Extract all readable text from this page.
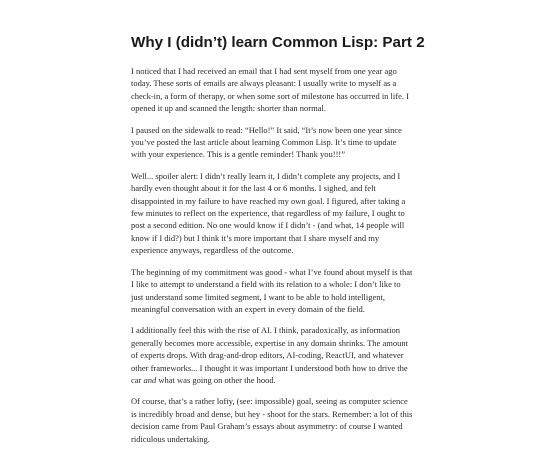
Why I (didn’t) learn Common Lisp: Part 2

I noticed that I had received an email that I had sent myself from one year ago today. These sorts of emails are always pleasant: I usually write to myself as a check-in, a form of therapy, or when some sort of milestone has occurred in life. I opened it up and scanned the length: shorter than normal.

I paused on the sidewalk to read: “Hello!” It said, “It’s now been one year since you’ve posted the last article about learning Common Lisp. It’s time to update with your experience. This is a gentle reminder! Thank you!!!”

Well... spoiler alert: I didn’t really learn it, I didn’t complete any projects, and I hardly even thought about it for the last 4 or 6 months. I sighed, and felt disappointed in my failure to have reached my own goal. I figured, after taking a few minutes to reflect on the experience, that regardless of my failure, I ought to post a second edition. No one would know if I didn’t - (and what, 14 people will know if I did?) but I think it’s more important that I share myself and my experience anyways, regardless of the outcome.

The beginning of my commitment was good - what I’ve found about myself is that I like to attempt to understand a field with its relation to a whole: I don’t like to just understand some limited segment, I want to be able to hold intelligent, meaningful conversation with an expert in every domain of the field.

I additionally feel this with the rise of AI. I think, paradoxically, as information generally becomes more accessible, expertise in any domain shrinks. The amount of experts drops. With drag-and-drop editors, AI-coding, ReactUI, and whatever other frameworks... I thought it was important I understood both how to drive the car and what was going on other the hood.

Of course, that’s a rather lofty, (see: impossible) goal, seeing as computer science is incredibly broad and dense, but hey - shoot for the stars. Remember: a lot of this decision came from Paul Graham’s essays about asymmetry: of course I wanted ridiculous undertaking.
